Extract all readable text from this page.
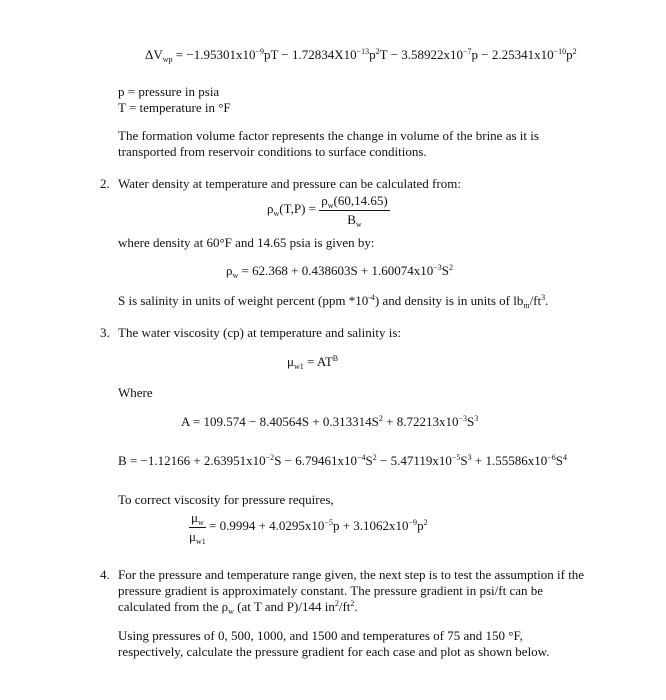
$\Delta V_{wp} = -1.95301x10^{-9}pT - 1.72834X10^{-13}p^2T - 3.58922x10^{-7}p - 2.25341x10^{-10}p^2$
p = pressure in psia
T = temperature in °F
The formation volume factor represents the change in volume of the brine as it is transported from reservoir conditions to surface conditions.
2. Water density at temperature and pressure can be calculated from:
$\rho_w(T,P) = \frac{\rho_w(60,14.65)}{B_w}$
where density at 60°F and 14.65 psia is given by:
$\rho_w = 62.368 + 0.438603S + 1.60074x10^{-3}S^2$
S is salinity in units of weight percent (ppm $*10^{-4}$) and density is in units of $lb_m/ft^3$.
3. The water viscosity (cp) at temperature and salinity is:
$\mu_{w1} = AT^B$
Where
$A = 109.574 - 8.40564S + 0.313314S^2 + 8.72213x10^{-3}S^3$
$B = -1.12166 + 2.63951x10^{-2}S - 6.79461x10^{-4}S^2 - 5.47119x10^{-5}S^3 + 1.55586x10^{-6}S^4$
To correct viscosity for pressure requires,
$\frac{\mu_w}{\mu_{w1}} = 0.9994 + 4.0295x10^{-5}p + 3.1062x10^{-9}p^2$
4. For the pressure and temperature range given, the next step is to test the assumption if the pressure gradient is approximately constant. The pressure gradient in psi/ft can be calculated from the $\rho_w$ (at T and P)/144 $in^2/ft^2$.
Using pressures of 0, 500, 1000, and 1500 and temperatures of 75 and 150 °F, respectively, calculate the pressure gradient for each case and plot as shown below.
